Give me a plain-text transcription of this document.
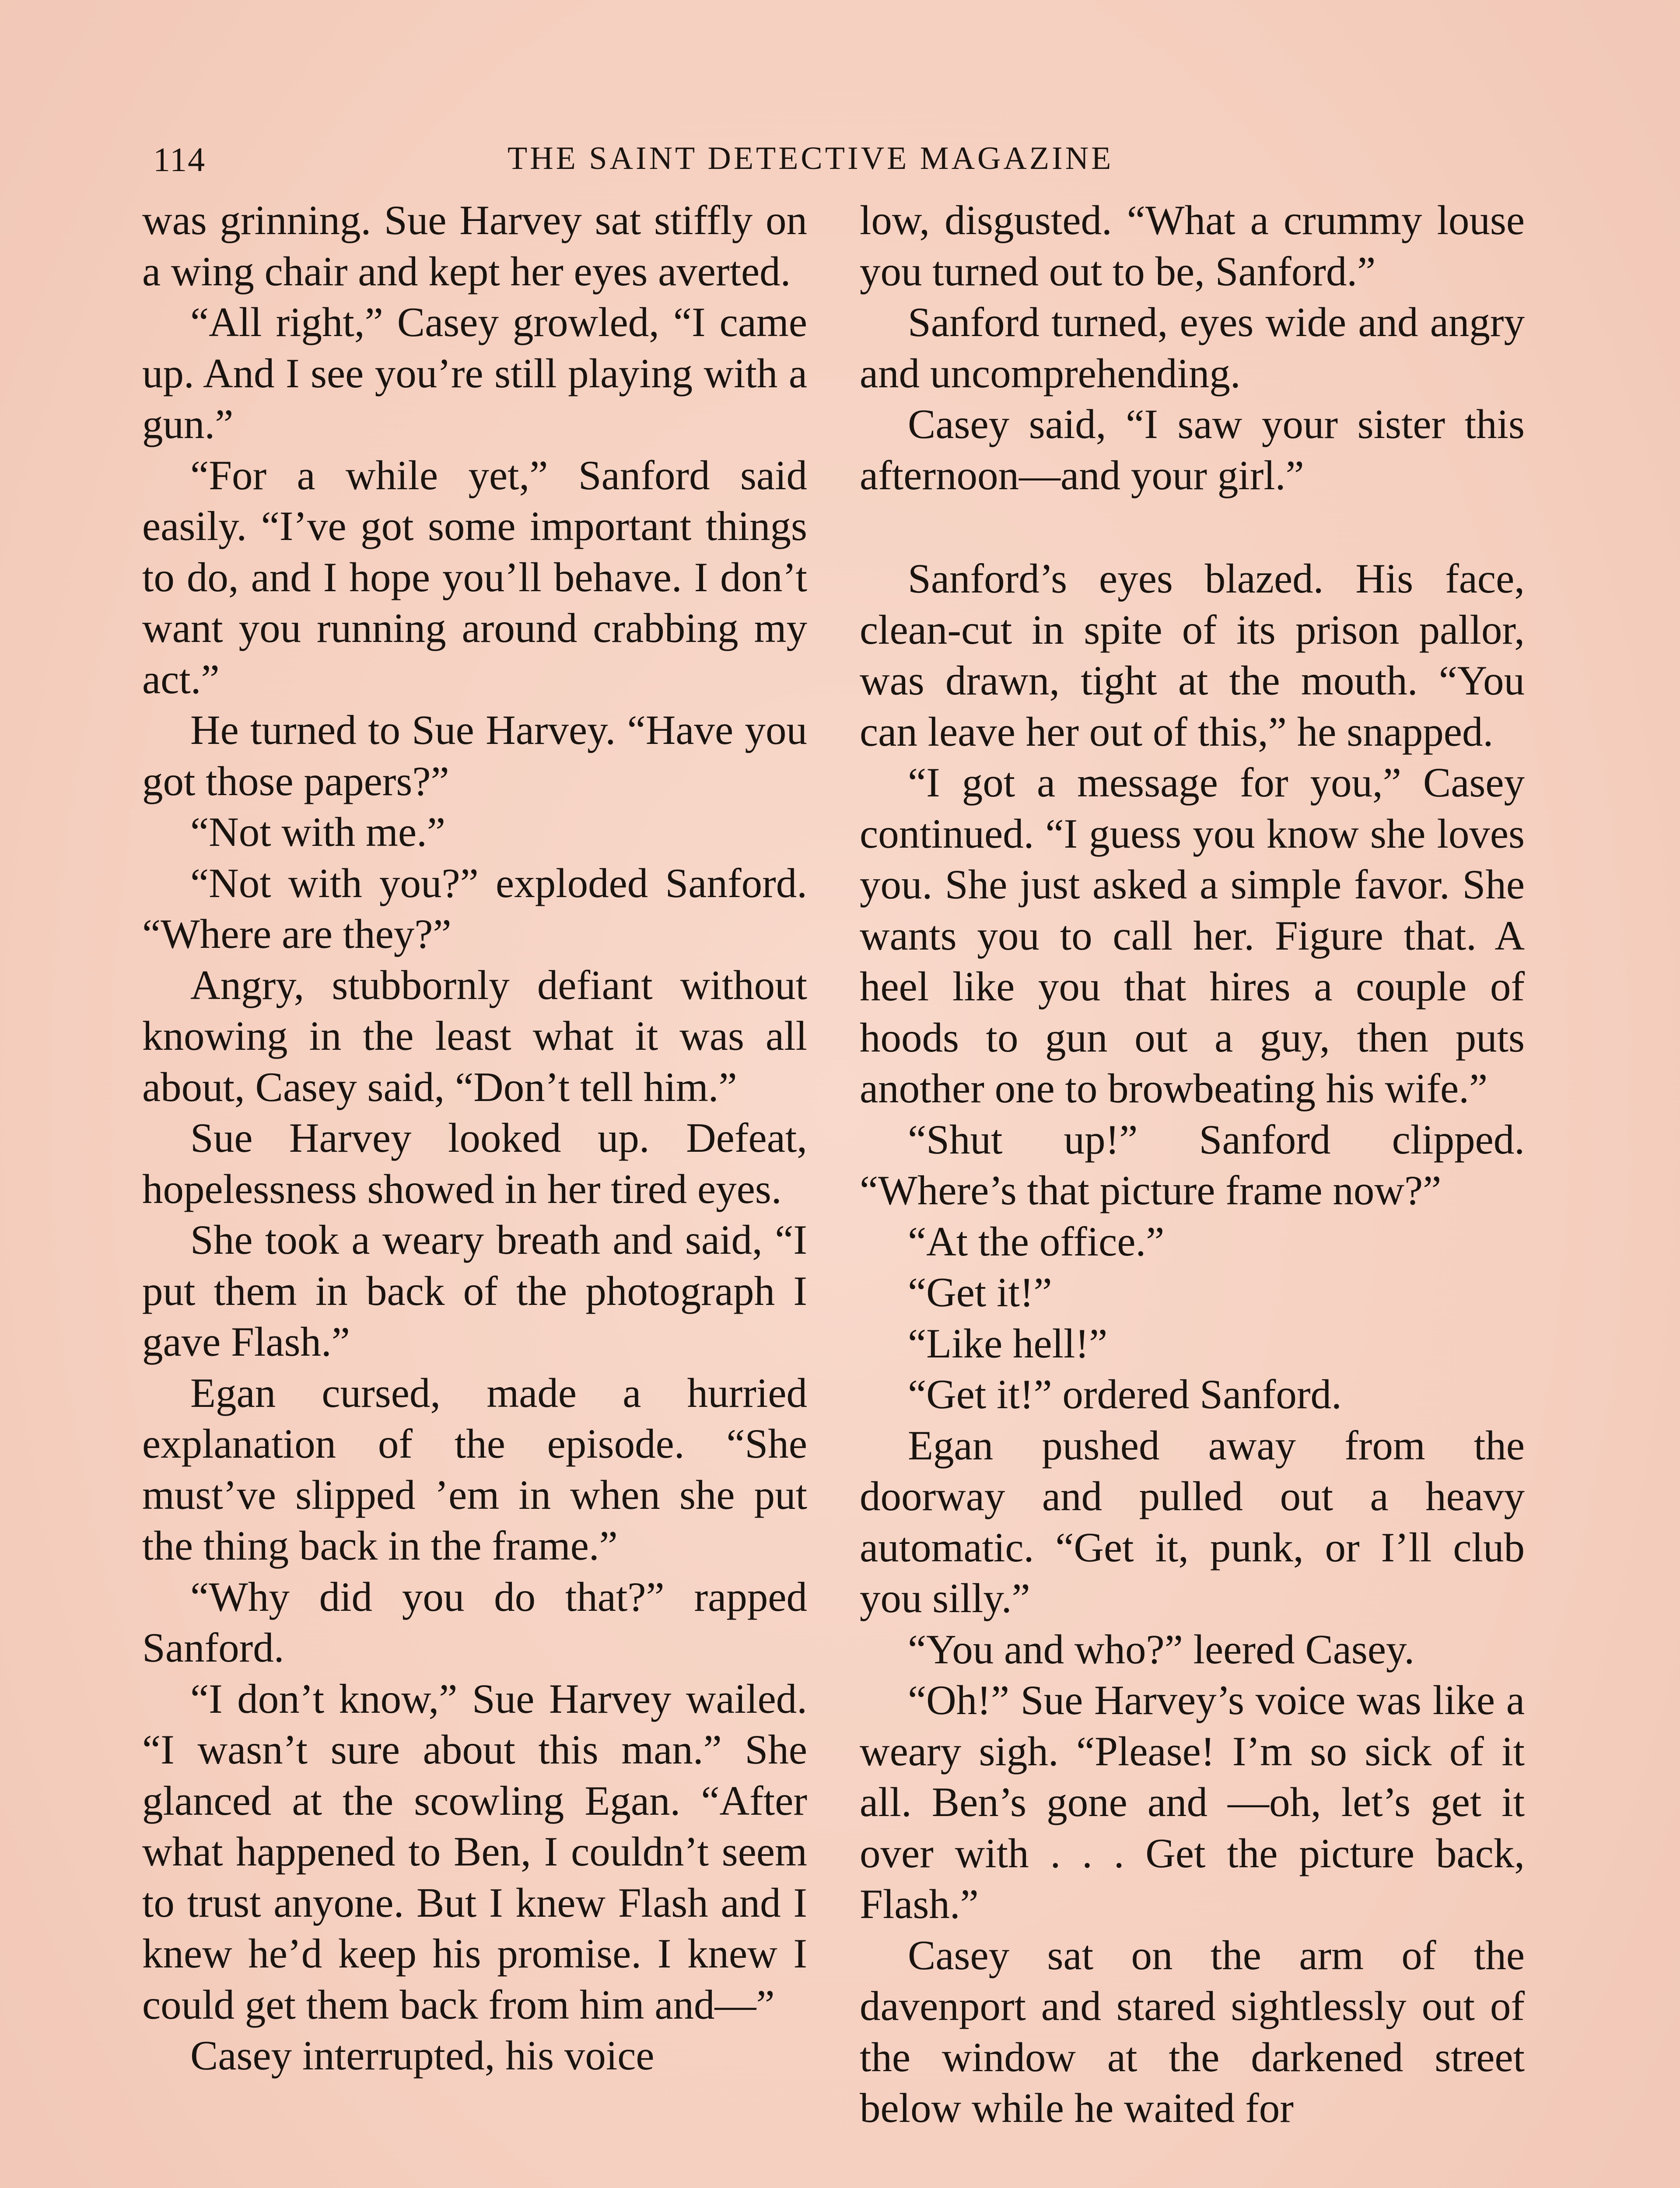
114	THE SAINT DETECTIVE MAGAZINE

was grinning. Sue Harvey sat stiffly on a wing chair and kept her eyes averted.

“All right,” Casey growled, “I came up. And I see you’re still playing with a gun.”

“For a while yet,” Sanford said easily. “I’ve got some important things to do, and I hope you’ll behave. I don’t want you running around crabbing my act.”

He turned to Sue Harvey. “Have you got those papers?”

“Not with me.”

“Not with you?” exploded Sanford. “Where are they?”

Angry, stubbornly defiant without knowing in the least what it was all about, Casey said, “Don’t tell him.”

Sue Harvey looked up. Defeat, hopelessness showed in her tired eyes.

She took a weary breath and said, “I put them in back of the photograph I gave Flash.”

Egan cursed, made a hurried explanation of the episode. “She must’ve slipped ’em in when she put the thing back in the frame.”

“Why did you do that?” rapped Sanford.

“I don’t know,” Sue Harvey wailed. “I wasn’t sure about this man.” She glanced at the scowling Egan. “After what happened to Ben, I couldn’t seem to trust anyone. But I knew Flash and I knew he’d keep his promise. I knew I could get them back from him and—”

Casey interrupted, his voice

low, disgusted. “What a crummy louse you turned out to be, Sanford.”

Sanford turned, eyes wide and angry and uncomprehending.

Casey said, “I saw your sister this afternoon—and your girl.”

Sanford’s eyes blazed. His face, clean-cut in spite of its prison pallor, was drawn, tight at the mouth. “You can leave her out of this,” he snapped.

“I got a message for you,” Casey continued. “I guess you know she loves you. She just asked a simple favor. She wants you to call her. Figure that. A heel like you that hires a couple of hoods to gun out a guy, then puts another one to browbeating his wife.”

“Shut up!” Sanford clipped. “Where’s that picture frame now?”

“At the office.”

“Get it!”

“Like hell!”

“Get it!” ordered Sanford.

Egan pushed away from the doorway and pulled out a heavy automatic. “Get it, punk, or I’ll club you silly.”

“You and who?” leered Casey.

“Oh!” Sue Harvey’s voice was like a weary sigh. “Please! I’m so sick of it all. Ben’s gone and —oh, let’s get it over with . . . Get the picture back, Flash.”

Casey sat on the arm of the davenport and stared sightlessly out of the window at the darkened street below while he waited for
